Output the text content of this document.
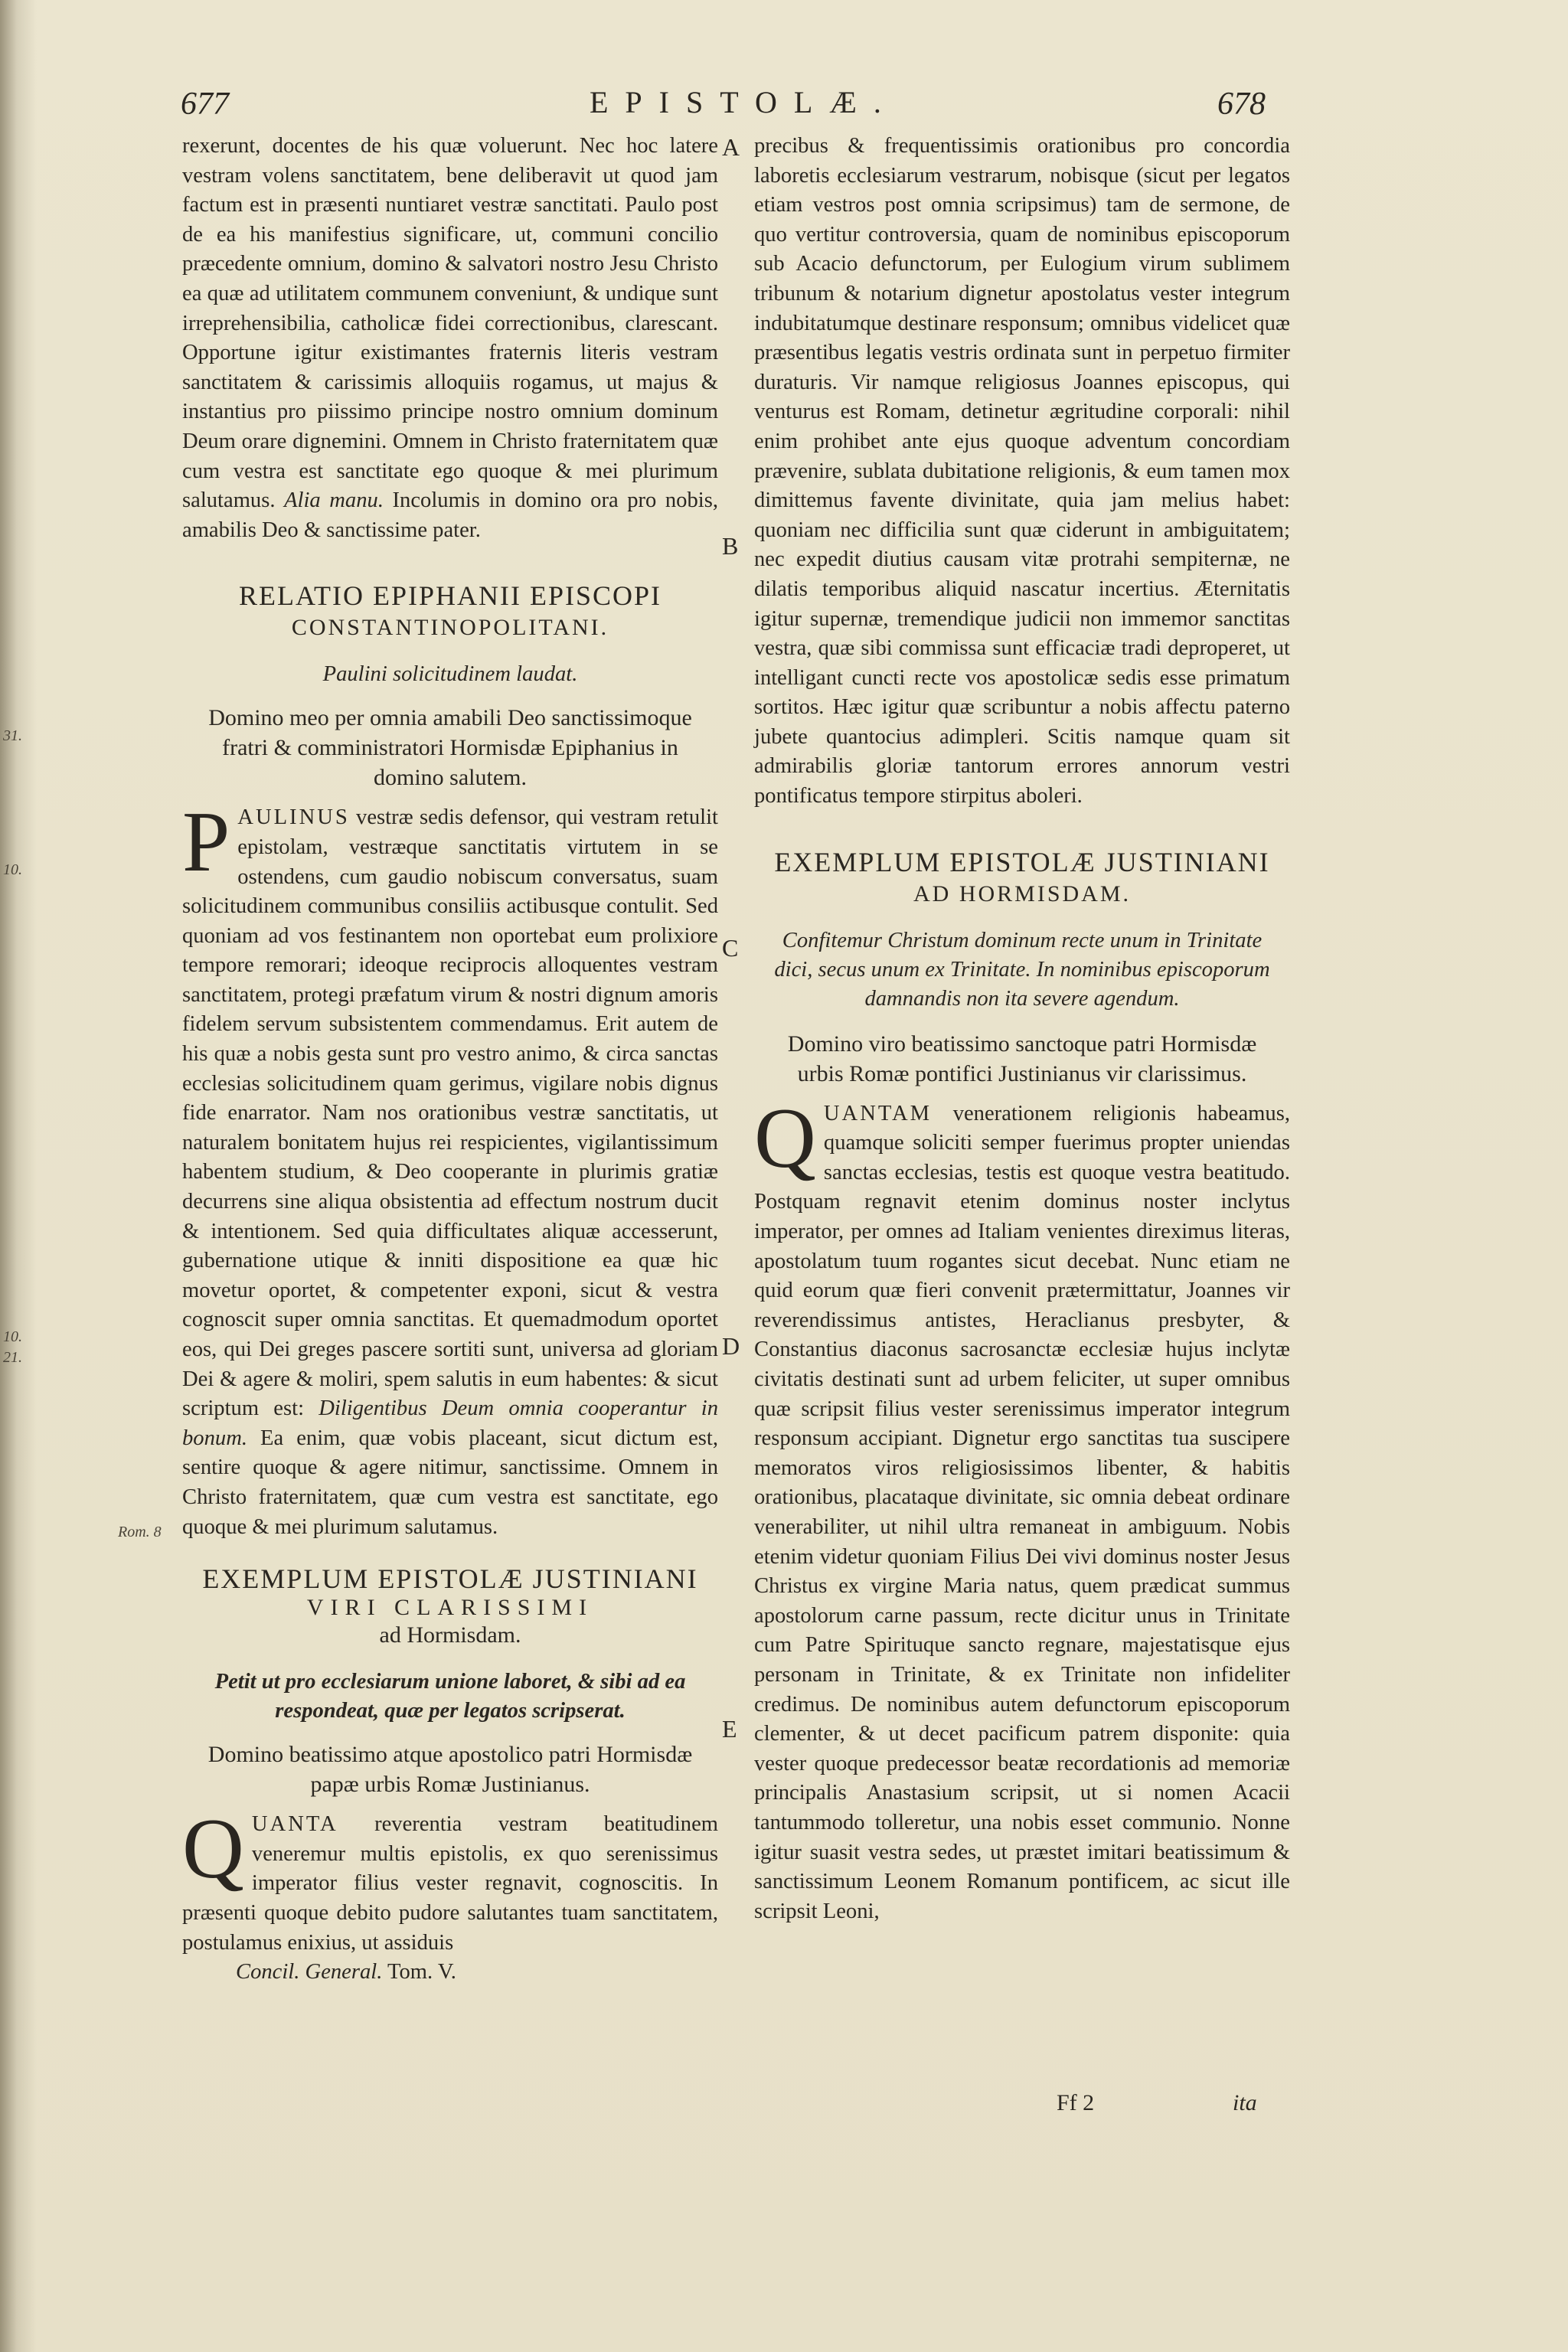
677	EPISTOLÆ.	678
A
B
C
D
E
31.
10.
10.
21.
Rom. 8

rexerunt, docentes de his quæ voluerunt. Nec hoc latere vestram volens sanctitatem, bene deliberavit ut quod jam factum est in præsenti nuntiaret vestræ sanctitati. Paulo post de ea his manifestius significare, ut, communi concilio præcedente omnium, domino & salvatori nostro Jesu Christo ea quæ ad utilitatem communem conveniunt, & undique sunt irreprehensibilia, catholicæ fidei correctionibus, clarescant. Opportune igitur existimantes fraternis literis vestram sanctitatem & carissimis alloquiis rogamus, ut majus & instantius pro piissimo principe nostro omnium dominum Deum orare dignemini. Omnem in Christo fraternitatem quæ cum vestra est sanctitate ego quoque & mei plurimum salutamus. Alia manu. Incolumis in domino ora pro nobis, amabilis Deo & sanctissime pater.

RELATIO EPIPHANII EPISCOPI
CONSTANTINOPOLITANI.
Paulini solicitudinem laudat.
Domino meo per omnia amabili Deo sanctissimoque fratri & comministratori Hormisdæ Epiphanius in domino salutem.

PAULINUS vestræ sedis defensor, qui vestram retulit epistolam, vestræque sanctitatis virtutem in se ostendens, cum gaudio nobiscum conversatus, suam solicitudinem communibus consiliis actibusque contulit. Sed quoniam ad vos festinantem non oportebat eum prolixiore tempore remorari; ideoque reciprocis alloquentes vestram sanctitatem, protegi præfatum virum & nostri dignum amoris fidelem servum subsistentem commendamus. Erit autem de his quæ a nobis gesta sunt pro vestro animo, & circa sanctas ecclesias solicitudinem quam gerimus, vigilare nobis dignus fide enarrator. Nam nos orationibus vestræ sanctitatis, ut naturalem bonitatem hujus rei respicientes, vigilantissimum habentem studium, & Deo cooperante in plurimis gratiæ decurrens sine aliqua obsistentia ad effectum nostrum ducit & intentionem. Sed quia difficultates aliquæ accesserunt, gubernatione utique & inniti dispositione ea quæ hic movetur oportet, & competenter exponi, sicut & vestra cognoscit super omnia sanctitas. Et quemadmodum oportet eos, qui Dei greges pascere sortiti sunt, universa ad gloriam Dei & agere & moliri, spem salutis in eum habentes: & sicut scriptum est: Diligentibus Deum omnia cooperantur in bonum. Ea enim, quæ vobis placeant, sicut dictum est, sentire quoque & agere nitimur, sanctissime. Omnem in Christo fraternitatem, quæ cum vestra est sanctitate, ego quoque & mei plurimum salutamus.

EXEMPLUM EPISTOLÆ JUSTINIANI
VIRI CLARISSIMI
ad Hormisdam.
Petit ut pro ecclesiarum unione laboret, & sibi ad ea respondeat, quæ per legatos scripserat.
Domino beatissimo atque apostolico patri Hormisdæ papæ urbis Romæ Justinianus.

QUANTA reverentia vestram beatitudinem veneremur multis epistolis, ex quo serenissimus imperator filius vester regnavit, cognoscitis. In præsenti quoque debito pudore salutantes tuam sanctitatem, postulamus enixius, ut assiduis

Concil. General. Tom. V.

precibus & frequentissimis orationibus pro concordia laboretis ecclesiarum vestrarum, nobisque (sicut per legatos etiam vestros post omnia scripsimus) tam de sermone, de quo vertitur controversia, quam de nominibus episcoporum sub Acacio defunctorum, per Eulogium virum sublimem tribunum & notarium dignetur apostolatus vester integrum indubitatumque destinare responsum; omnibus videlicet quæ præsentibus legatis vestris ordinata sunt in perpetuo firmiter duraturis. Vir namque religiosus Joannes episcopus, qui venturus est Romam, detinetur ægritudine corporali: nihil enim prohibet ante ejus quoque adventum concordiam prævenire, sublata dubitatione religionis, & eum tamen mox dimittemus favente divinitate, quia jam melius habet: quoniam nec difficilia sunt quæ ciderunt in ambiguitatem; nec expedit diutius causam vitæ protrahi sempiternæ, ne dilatis temporibus aliquid nascatur incertius. Æternitatis igitur supernæ, tremendique judicii non immemor sanctitas vestra, quæ sibi commissa sunt efficaciæ tradi deproperet, ut intelligant cuncti recte vos apostolicæ sedis esse primatum sortitos. Hæc igitur quæ scribuntur a nobis affectu paterno jubete quantocius adimpleri. Scitis namque quam sit admirabilis gloriæ tantorum errores annorum vestri pontificatus tempore stirpitus aboleri.

EXEMPLUM EPISTOLÆ JUSTINIANI
AD HORMISDAM.
Confitemur Christum dominum recte unum in Trinitate dici, secus unum ex Trinitate. In nominibus episcoporum damnandis non ita severe agendum.
Domino viro beatissimo sanctoque patri Hormisdæ urbis Romæ pontifici Justinianus vir clarissimus.

QUANTAM venerationem religionis habeamus, quamque soliciti semper fuerimus propter uniendas sanctas ecclesias, testis est quoque vestra beatitudo. Postquam regnavit etenim dominus noster inclytus imperator, per omnes ad Italiam venientes direximus literas, apostolatum tuum rogantes sicut decebat. Nunc etiam ne quid eorum quæ fieri convenit prætermittatur, Joannes vir reverendissimus antistes, Heraclianus presbyter, & Constantius diaconus sacrosanctæ ecclesiæ hujus inclytæ civitatis destinati sunt ad urbem feliciter, ut super omnibus quæ scripsit filius vester serenissimus imperator integrum responsum accipiant. Dignetur ergo sanctitas tua suscipere memoratos viros religiosissimos libenter, & habitis orationibus, placataque divinitate, sic omnia debeat ordinare venerabiliter, ut nihil ultra remaneat in ambiguum. Nobis etenim videtur quoniam Filius Dei vivi dominus noster Jesus Christus ex virgine Maria natus, quem prædicat summus apostolorum carne passum, recte dicitur unus in Trinitate cum Patre Spirituque sancto regnare, majestatisque ejus personam in Trinitate, & ex Trinitate non infideliter credimus. De nominibus autem defunctorum episcoporum clementer, & ut decet pacificum patrem disponite: quia vester quoque predecessor beatæ recordationis ad memoriæ principalis Anastasium scripsit, ut si nomen Acacii tantummodo tolleretur, una nobis esset communio. Nonne igitur suasit vestra sedes, ut præstet imitari beatissimum & sanctissimum Leonem Romanum pontificem, ac sicut ille scripsit Leoni,

Ff 2	ita
